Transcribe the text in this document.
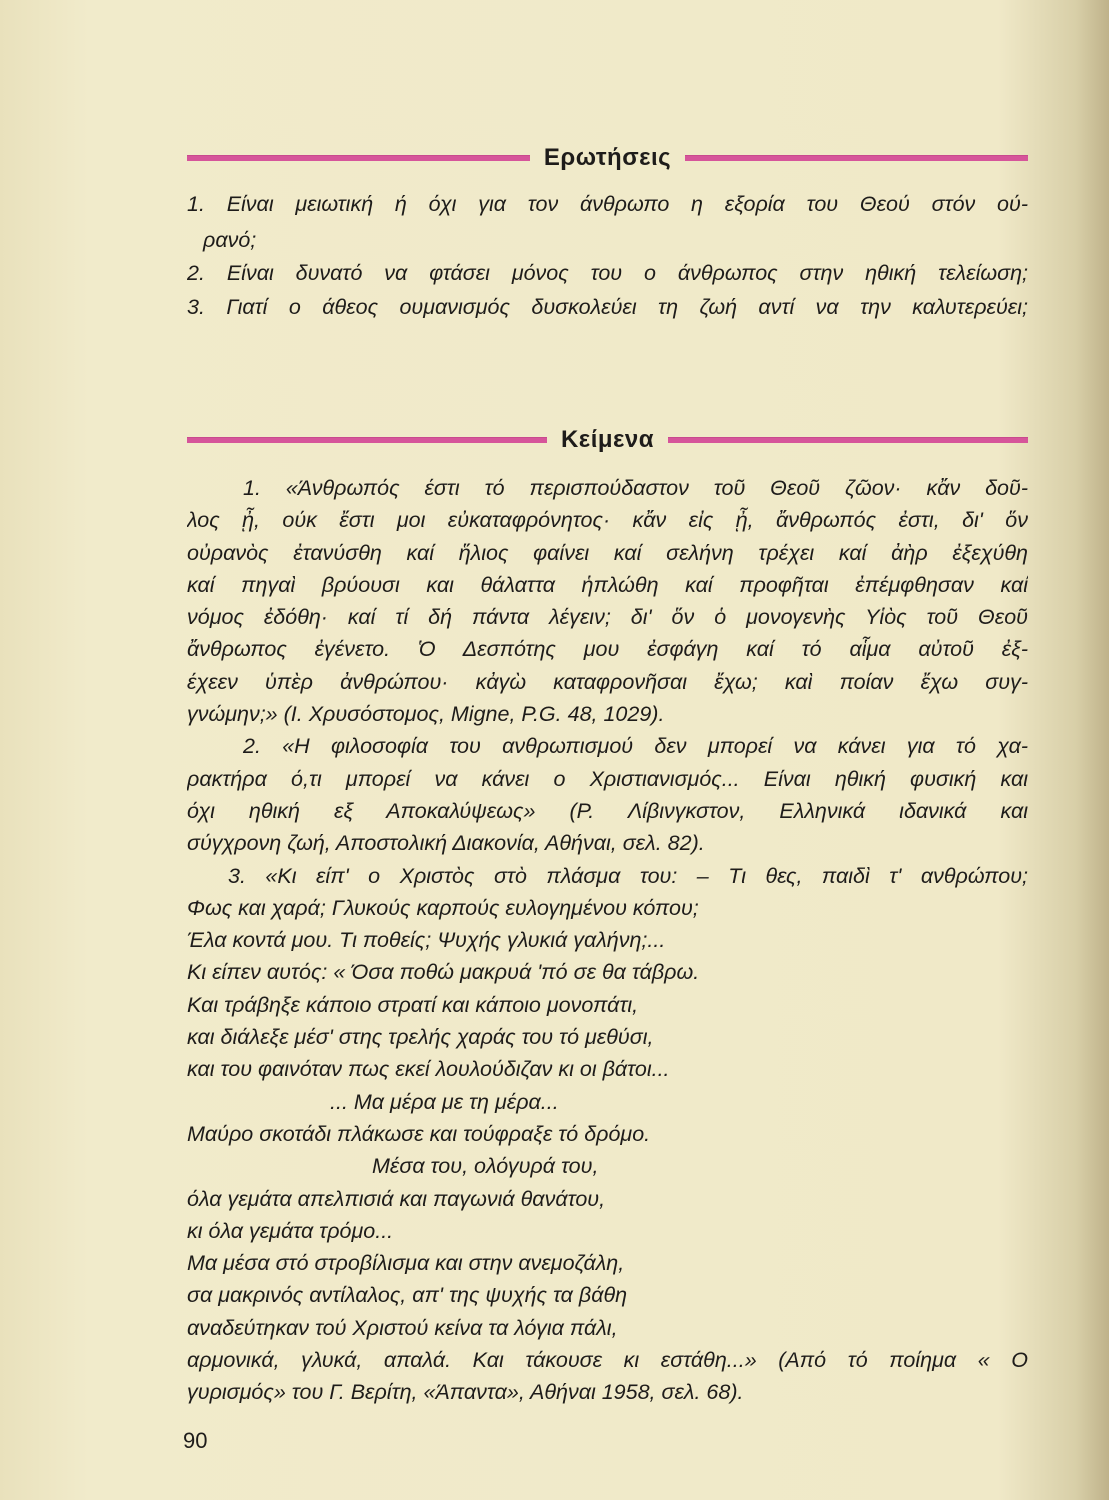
Ερωτήσεις
1. Είναι μειωτική ή όχι για τον άνθρωπο η εξορία του Θεού στόν ού-
ρανό;
2. Είναι δυνατό να φτάσει μόνος του ο άνθρωπος στην ηθική τελείωση;
3. Γιατί ο άθεος ουμανισμός δυσκολεύει τη ζωή αντί να την καλυτερεύει;
Κείμενα
1. «Άνθρωπός έστι τό περισπούδαστον τοῦ Θεοῦ ζῶον· κἄν δοῦ-
λος ᾖ, ούκ ἔστι μοι εὐκαταφρόνητος· κἄν εἰς ᾖ, ἄνθρωπός ἐστι, δι' ὅν
οὐρανὸς ἐτανύσθη καί ἥλιος φαίνει καί σελήνη τρέχει καί ἀὴρ ἐξεχύθη
καί πηγαὶ βρύουσι και θάλαττα ἡπλώθη καί προφῆται ἐπέμφθησαν καί
νόμος ἐδόθη· καί τί δή πάντα λέγειν; δι' ὅν ὁ μονογενὴς Υἱὸς τοῦ Θεοῦ
ἄνθρωπος ἐγένετο. Ὁ Δεσπότης μου ἐσφάγη καί τό αἷμα αὐτοῦ ἐξ-
έχεεν ὑπὲρ ἀνθρώπου· κἀγὼ καταφρονῆσαι ἔχω; καὶ ποίαν ἔχω συγ-
γνώμην;» (Ι. Χρυσόστομος, Migne, P.G. 48, 1029).
2. «Η φιλοσοφία του ανθρωπισμού δεν μπορεί να κάνει για τό χα-
ρακτήρα ό,τι μπορεί να κάνει ο Χριστιανισμός... Είναι ηθική φυσική και
όχι ηθική εξ Αποκαλύψεως» (Ρ. Λίβινγκστον, Ελληνικά ιδανικά και
σύγχρονη ζωή, Αποστολική Διακονία, Αθήναι, σελ. 82).
3. «Κι είπ' ο Χριστὸς στὸ πλάσμα του: – Τι θες, παιδὶ τ' ανθρώπου;
Φως και χαρά; Γλυκούς καρπούς ευλογημένου κόπου;
Έλα κοντά μου. Τι ποθείς; Ψυχής γλυκιά γαλήνη;...
Κι είπεν αυτός: « Όσα ποθώ μακρυά 'πό σε θα τάβρω.
Και τράβηξε κάποιο στρατί και κάποιο μονοπάτι,
και διάλεξε μέσ' στης τρελής χαράς του τό μεθύσι,
και του φαινόταν πως εκεί λουλούδιζαν κι οι βάτοι...
... Μα μέρα με τη μέρα...
Μαύρο σκοτάδι πλάκωσε και τούφραξε τό δρόμο.
Μέσα του, ολόγυρά του,
όλα γεμάτα απελπισιά και παγωνιά θανάτου,
κι όλα γεμάτα τρόμο...
Μα μέσα στό στροβίλισμα και στην ανεμοζάλη,
σα μακρινός αντίλαλος, απ' της ψυχής τα βάθη
αναδεύτηκαν τού Χριστού κείνα τα λόγια πάλι,
αρμονικά, γλυκά, απαλά. Και τάκουσε κι εστάθη...» (Από τό ποίημα « Ο
γυρισμός» του Γ. Βερίτη, «Άπαντα», Αθήναι 1958, σελ. 68).
90
